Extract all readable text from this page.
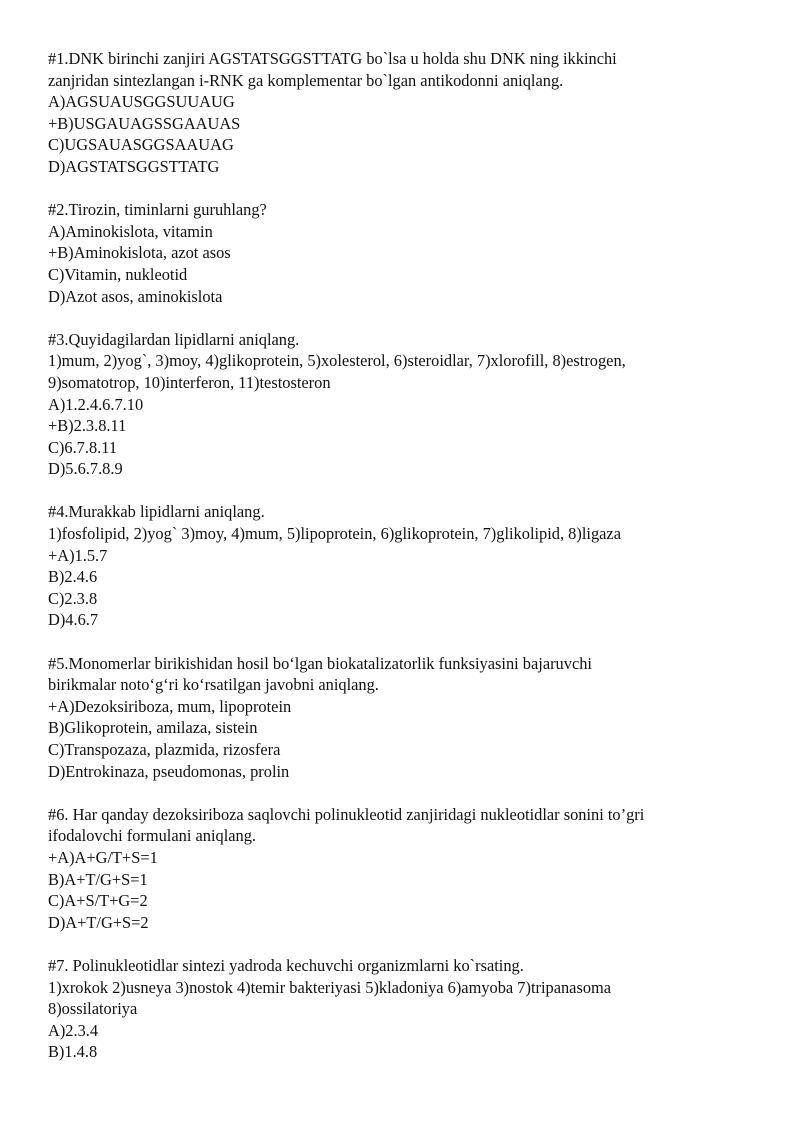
#1.DNK birinchi zanjiri AGSTATSGGSTTATG bo`lsa u holda shu DNK ning ikkinchi
zanjridan sintezlangan i-RNK ga komplementar bo`lgan antikodonni aniqlang.
A)AGSUAUSGGSUUAUG
+B)USGAUAGSSGAAUAS
C)UGSAUASGGSAAUAG
D)AGSTATSGGSTTATG
#2.Tirozin, timinlarni guruhlang?
A)Aminokislota, vitamin
+B)Aminokislota, azot asos
C)Vitamin, nukleotid
D)Azot asos, aminokislota
#3.Quyidagilardan lipidlarni aniqlang.
1)mum, 2)yog`, 3)moy, 4)glikoprotein, 5)xolesterol, 6)steroidlar, 7)xlorofill, 8)estrogen,
9)somatotrop, 10)interferon, 11)testosteron
A)1.2.4.6.7.10
+B)2.3.8.11
C)6.7.8.11
D)5.6.7.8.9
#4.Murakkab lipidlarni aniqlang.
1)fosfolipid, 2)yog` 3)moy, 4)mum, 5)lipoprotein, 6)glikoprotein, 7)glikolipid, 8)ligaza
+A)1.5.7
B)2.4.6
C)2.3.8
D)4.6.7
#5.Monomerlar birikishidan hosil bo‘lgan biokatalizatorlik funksiyasini bajaruvchi
birikmalar noto‘g‘ri ko‘rsatilgan javobni aniqlang.
+A)Dezoksiriboza, mum, lipoprotein
B)Glikoprotein, amilaza, sistein
C)Transpozaza, plazmida, rizosfera
D)Entrokinaza, pseudomonas, prolin
#6. Har qanday dezoksiriboza saqlovchi polinukleotid zanjiridagi nukleotidlar sonini to’gri
ifodalovchi formulani aniqlang.
+A)A+G/T+S=1
B)A+T/G+S=1
C)A+S/T+G=2
D)A+T/G+S=2
#7. Polinukleotidlar sintezi yadroda kechuvchi organizmlarni ko`rsating.
1)xrokok 2)usneya 3)nostok 4)temir bakteriyasi 5)kladoniya 6)amyoba 7)tripanasoma
8)ossilatoriya
A)2.3.4
B)1.4.8
